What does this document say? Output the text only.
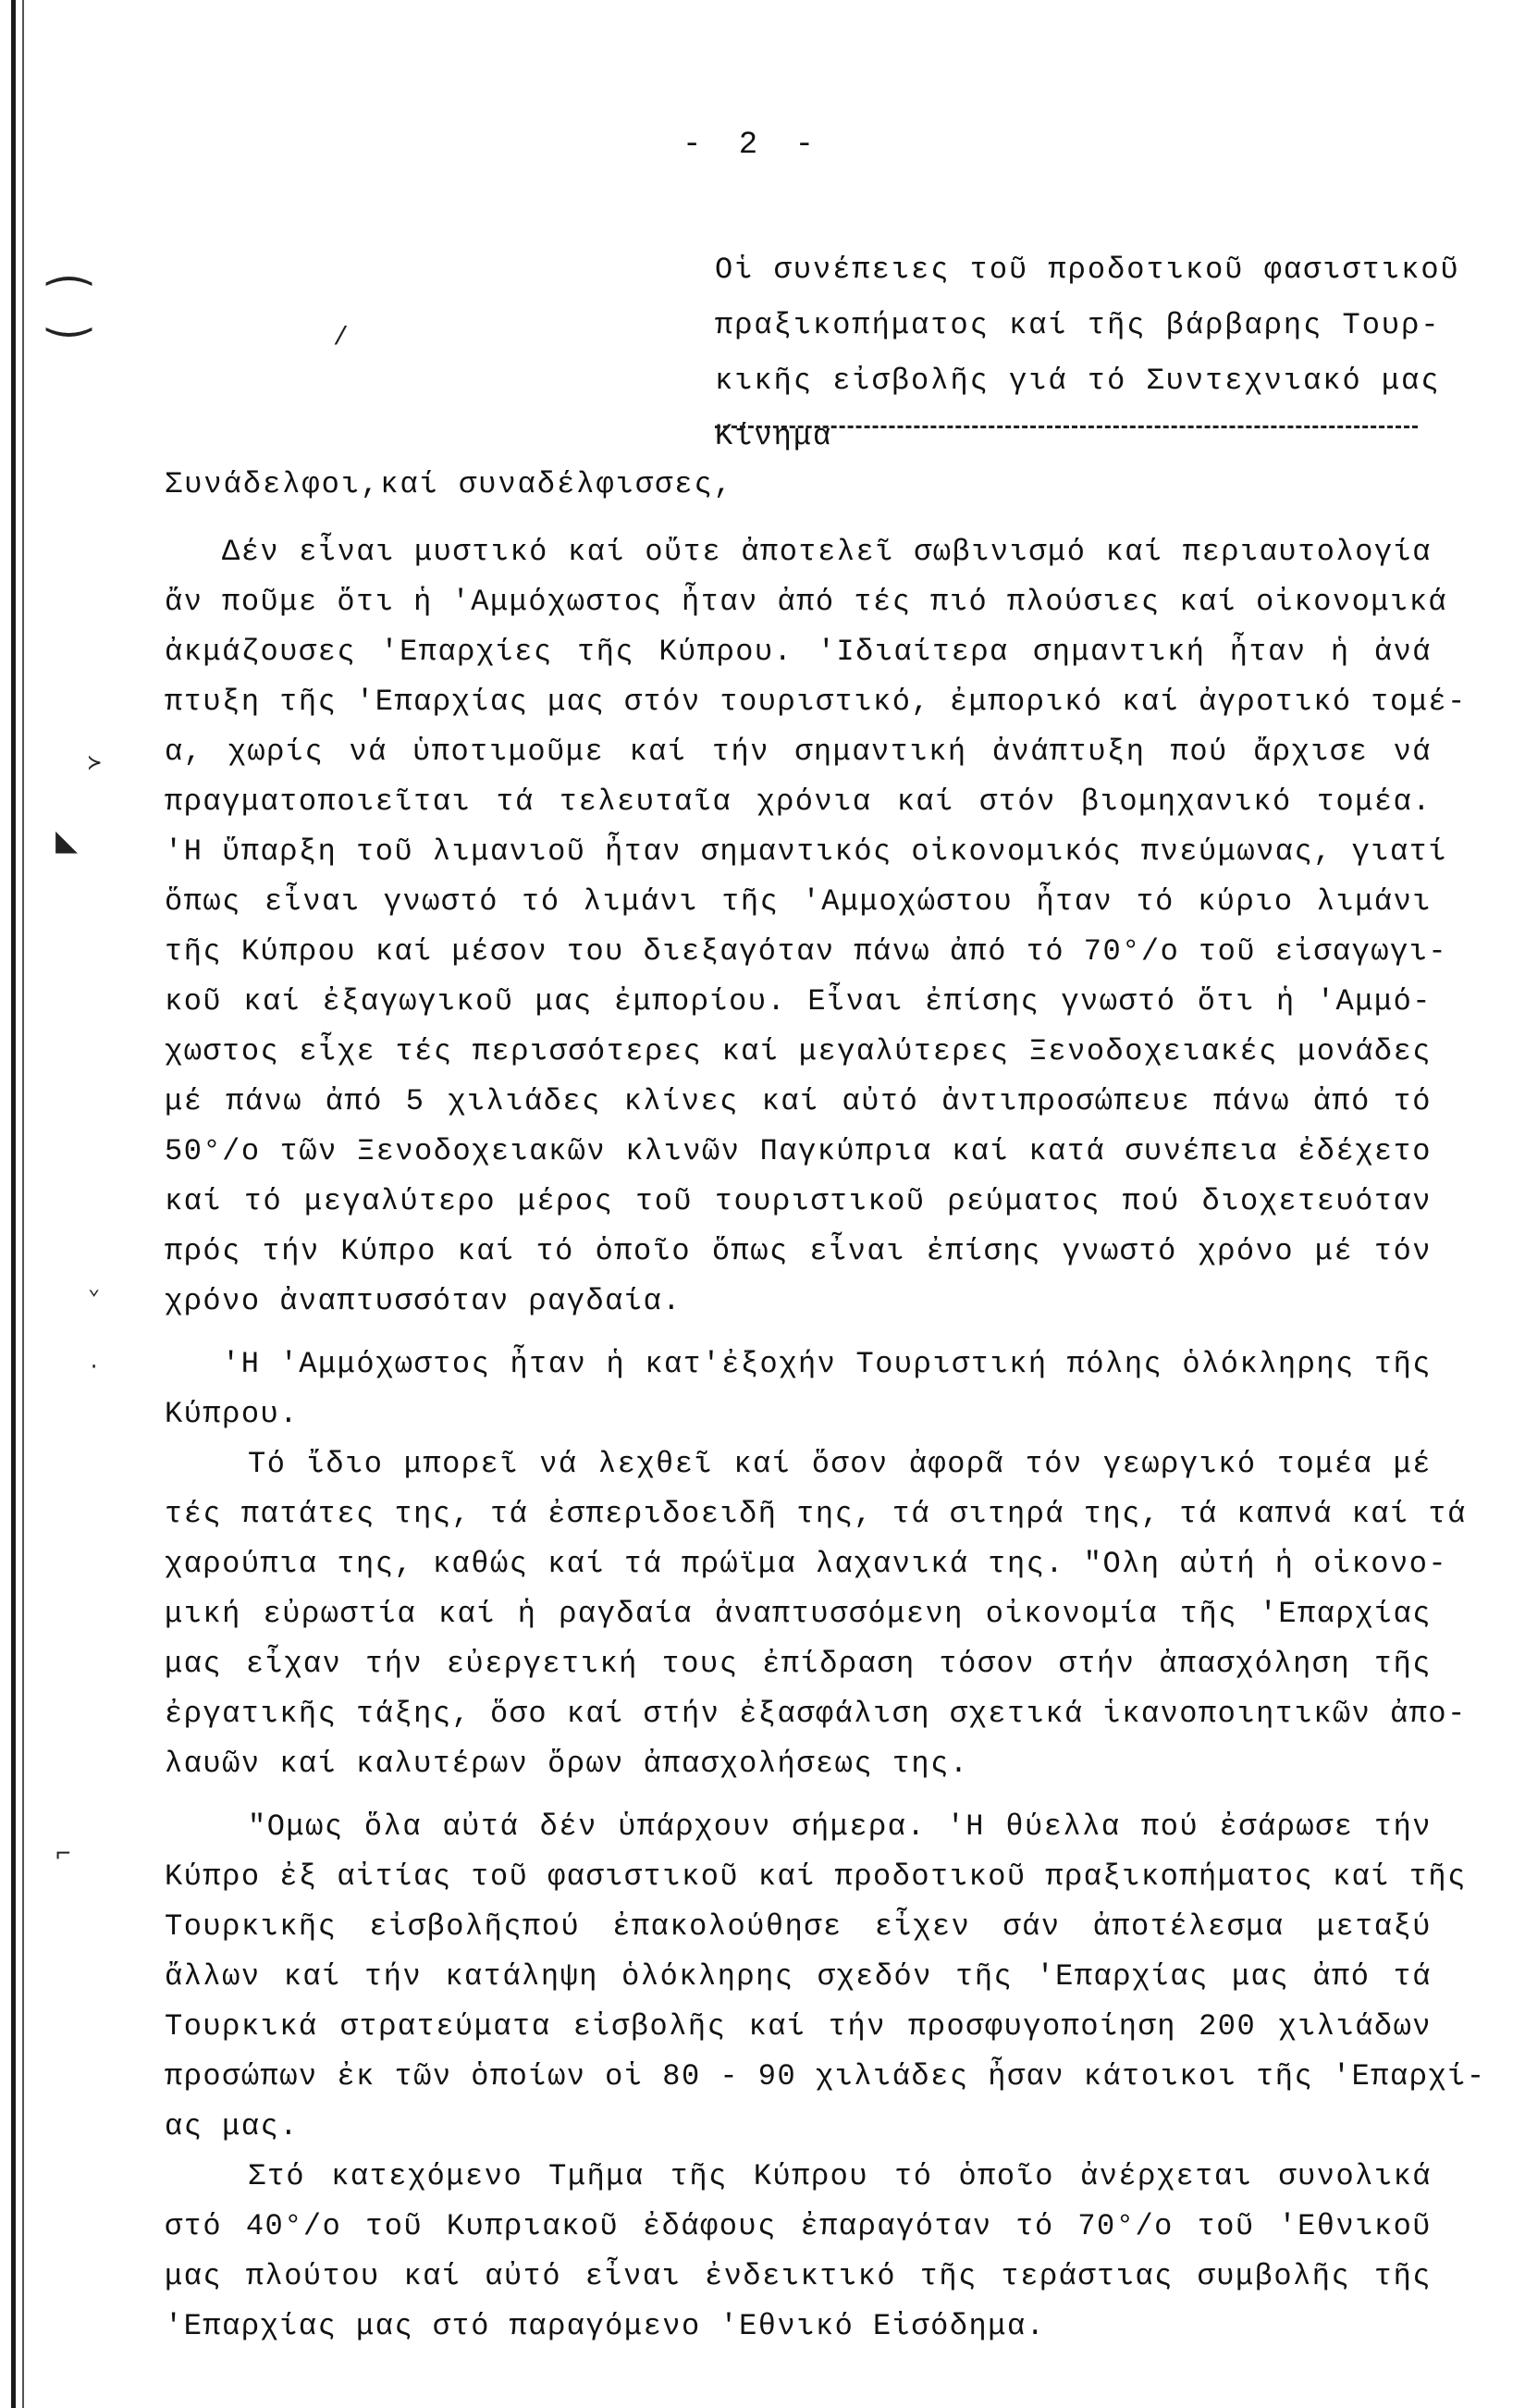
- 2 -
Οἱ συνέπειες τοῦ προδοτικοῦ φασιστικοῦ
πραξικοπήματος καί τῆς βάρβαρης Τουρ-
κικῆς εἰσβολῆς γιά τό Συντεχνιακό μας
Κίνημα
Συνάδελφοι,καί συναδέλφισσες,
Δέν εἶναι μυστικό καί οὔτε ἀποτελεῖ σωβινισμό καί περιαυτολογία
ἄν ποῦμε ὅτι ἡ 'Αμμόχωστος ἦταν ἀπό τές πιό πλούσιες καί οἰκονομικά
ἀκμάζουσες 'Επαρχίες τῆς Κύπρου. 'Ιδιαίτερα σημαντική ἦταν ἡ ἀνά
πτυξη τῆς 'Επαρχίας μας στόν τουριστικό, ἐμπορικό καί ἀγροτικό τομέ-
α, χωρίς νά ὑποτιμοῦμε καί τήν σημαντική ἀνάπτυξη πού ἄρχισε νά
πραγματοποιεῖται τά τελευταῖα χρόνια καί στόν βιομηχανικό τομέα.
'Η ὕπαρξη τοῦ λιμανιοῦ ἦταν σημαντικός οἰκονομικός πνεύμωνας, γιατί
ὅπως εἶναι γνωστό τό λιμάνι τῆς 'Αμμοχώστου ἦταν τό κύριο λιμάνι
τῆς Κύπρου καί μέσον του διεξαγόταν πάνω ἀπό τό 70°/ο τοῦ εἰσαγωγι-
κοῦ καί ἐξαγωγικοῦ μας ἐμπορίου. Εἶναι ἐπίσης γνωστό ὅτι ἡ 'Αμμό-
χωστος εἶχε τές περισσότερες καί μεγαλύτερες Ξενοδοχειακές μονάδες
μέ πάνω ἀπό 5 χιλιάδες κλίνες καί αὐτό ἀντιπροσώπευε πάνω ἀπό τό
50°/ο τῶν Ξενοδοχειακῶν κλινῶν Παγκύπρια καί κατά συνέπεια ἐδέχετο
καί τό μεγαλύτερο μέρος τοῦ τουριστικοῦ ρεύματος πού διοχετευόταν
πρός τήν Κύπρο καί τό ὁποῖο ὅπως εἶναι ἐπίσης γνωστό χρόνο μέ τόν
χρόνο ἀναπτυσσόταν ραγδαία.
'Η 'Αμμόχωστος ἦταν ἡ κατ'ἐξοχήν Τουριστική πόλης ὁλόκληρης τῆς
Κύπρου.
Τό ἴδιο μπορεῖ νά λεχθεῖ καί ὅσον ἀφορᾶ τόν γεωργικό τομέα μέ
τές πατάτες της, τά ἐσπεριδοειδῆ της, τά σιτηρά της, τά καπνά καί τά
χαρούπια της, καθώς καί τά πρώϊμα λαχανικά της. "Ολη αὐτή ἡ οἰκονο-
μική εὐρωστία καί ἡ ραγδαία ἀναπτυσσόμενη οἰκονομία τῆς 'Επαρχίας
μας εἶχαν τήν εὐεργετική τους ἐπίδραση τόσον στήν ἀπασχόληση τῆς
ἐργατικῆς τάξης, ὅσο καί στήν ἐξασφάλιση σχετικά ἱκανοποιητικῶν ἀπο-
λαυῶν καί καλυτέρων ὅρων ἀπασχολήσεως της.
"Ομως ὅλα αὐτά δέν ὑπάρχουν σήμερα. 'Η θύελλα πού ἐσάρωσε τήν
Κύπρο ἐξ αἰτίας τοῦ φασιστικοῦ καί προδοτικοῦ πραξικοπήματος καί τῆς
Τουρκικῆς εἰσβολῆςπού ἐπακολούθησε εἶχεν σάν ἀποτέλεσμα μεταξύ
ἄλλων καί τήν κατάληψη ὁλόκληρης σχεδόν τῆς 'Επαρχίας μας ἀπό τά
Τουρκικά στρατεύματα εἰσβολῆς καί τήν προσφυγοποίηση 200 χιλιάδων
προσώπων ἐκ τῶν ὁποίων οἱ 80 - 90 χιλιάδες ἦσαν κάτοικοι τῆς 'Επαρχί-
ας μας.
Στό κατεχόμενο Τμῆμα τῆς Κύπρου τό ὁποῖο ἀνέρχεται συνολικά
στό 40°/ο τοῦ Κυπριακοῦ ἐδάφους ἐπαραγόταν τό 70°/ο τοῦ 'Εθνικοῦ
μας πλούτου καί αὐτό εἶναι ἐνδεικτικό τῆς τεράστιας συμβολῆς τῆς
'Επαρχίας μας στό παραγόμενο 'Εθνικό Εἰσόδημα.
⁐	/
≻
◣
⌄
·
⌐
